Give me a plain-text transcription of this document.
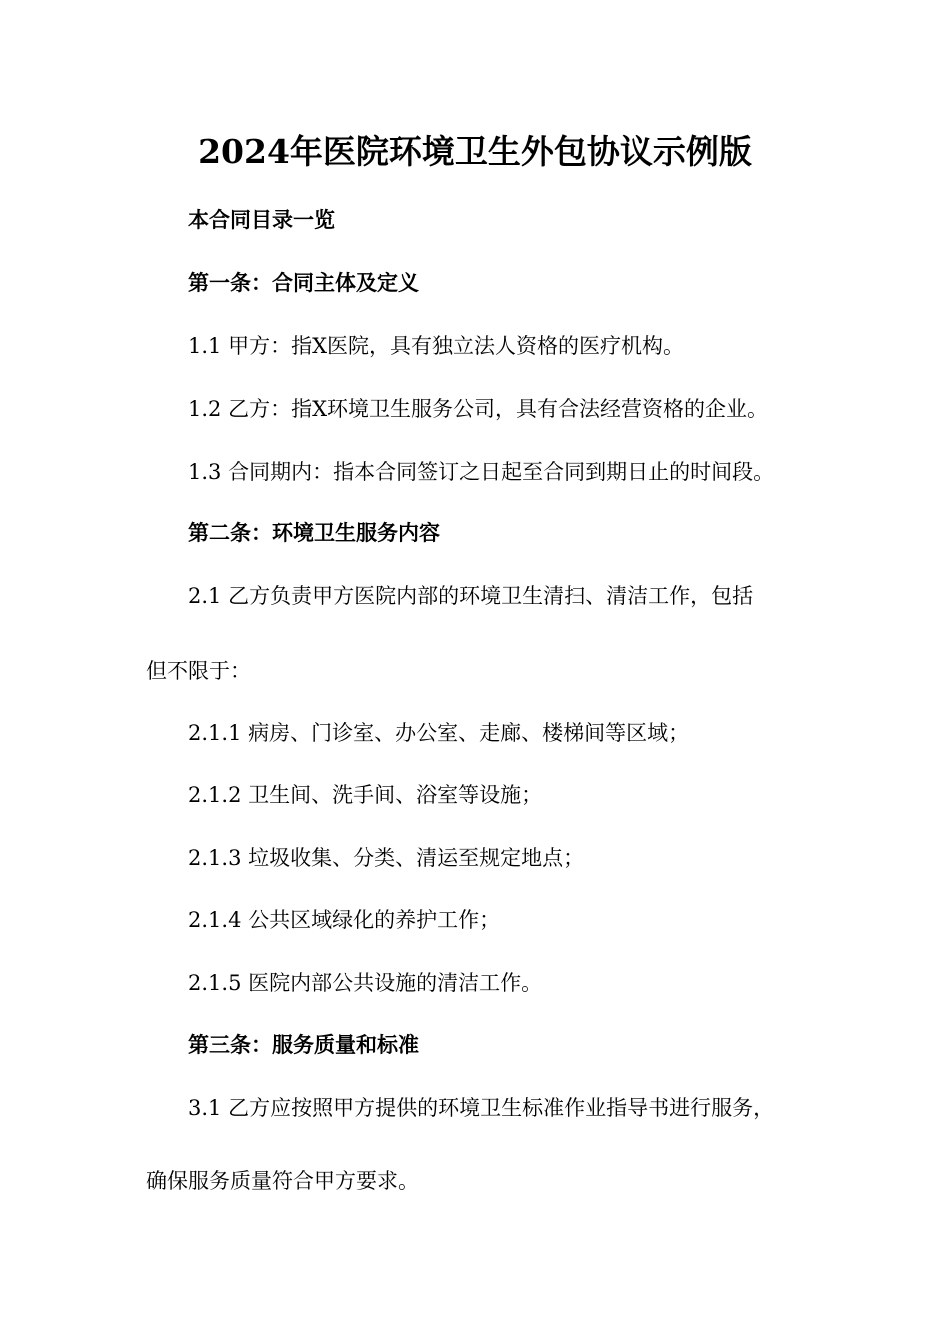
2024年医院环境卫生外包协议示例版
本合同目录一览
第一条：合同主体及定义
1.1 甲方：指X医院，具有独立法人资格的医疗机构。
1.2 乙方：指X环境卫生服务公司，具有合法经营资格的企业。
1.3 合同期内：指本合同签订之日起至合同到期日止的时间段。
第二条：环境卫生服务内容
2.1 乙方负责甲方医院内部的环境卫生清扫、清洁工作，包括
但不限于：
2.1.1 病房、门诊室、办公室、走廊、楼梯间等区域；
2.1.2 卫生间、洗手间、浴室等设施；
2.1.3 垃圾收集、分类、清运至规定地点；
2.1.4 公共区域绿化的养护工作；
2.1.5 医院内部公共设施的清洁工作。
第三条：服务质量和标准
3.1 乙方应按照甲方提供的环境卫生标准作业指导书进行服务，
确保服务质量符合甲方要求。
